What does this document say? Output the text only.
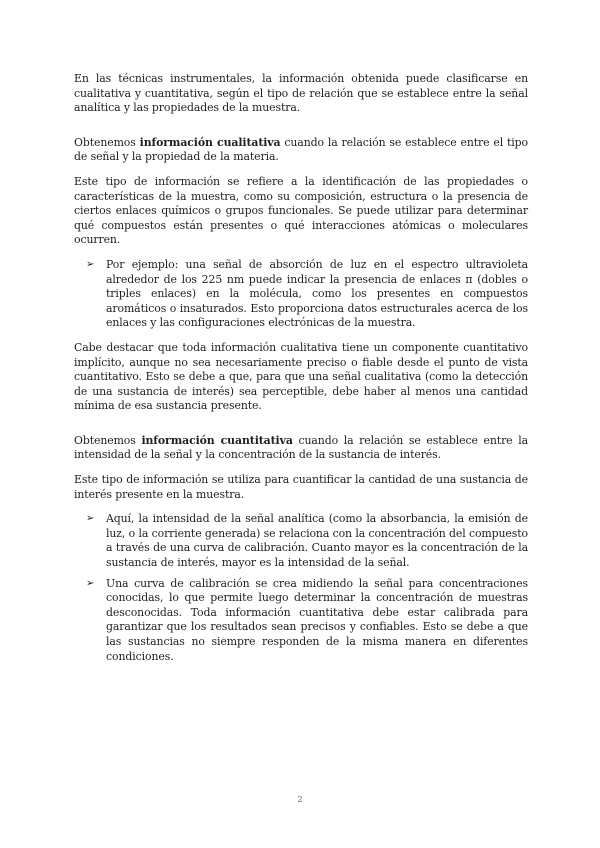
En las técnicas instrumentales, la información obtenida puede clasificarse en cualitativa y cuantitativa, según el tipo de relación que se establece entre la señal analítica y las propiedades de la muestra.

Obtenemos información cualitativa cuando la relación se establece entre el tipo de señal y la propiedad de la materia.

Este tipo de información se refiere a la identificación de las propiedades o características de la muestra, como su composición, estructura o la presencia de ciertos enlaces químicos o grupos funcionales. Se puede utilizar para determinar qué compuestos están presentes o qué interacciones atómicas o moleculares ocurren.

➢	Por ejemplo: una señal de absorción de luz en el espectro ultravioleta alrededor de los 225 nm puede indicar la presencia de enlaces π (dobles o triples enlaces) en la molécula, como los presentes en compuestos aromáticos o insaturados. Esto proporciona datos estructurales acerca de los enlaces y las configuraciones electrónicas de la muestra.

Cabe destacar que toda información cualitativa tiene un componente cuantitativo implícito, aunque no sea necesariamente preciso o fiable desde el punto de vista cuantitativo. Esto se debe a que, para que una señal cualitativa (como la detección de una sustancia de interés) sea perceptible, debe haber al menos una cantidad mínima de esa sustancia presente.

Obtenemos información cuantitativa cuando la relación se establece entre la intensidad de la señal y la concentración de la sustancia de interés.

Este tipo de información se utiliza para cuantificar la cantidad de una sustancia de interés presente en la muestra.

➢	Aquí, la intensidad de la señal analítica (como la absorbancia, la emisión de luz, o la corriente generada) se relaciona con la concentración del compuesto a través de una curva de calibración. Cuanto mayor es la concentración de la sustancia de interés, mayor es la intensidad de la señal.
➢	Una curva de calibración se crea midiendo la señal para concentraciones conocidas, lo que permite luego determinar la concentración de muestras desconocidas. Toda información cuantitativa debe estar calibrada para garantizar que los resultados sean precisos y confiables. Esto se debe a que las sustancias no siempre responden de la misma manera en diferentes condiciones.
2
